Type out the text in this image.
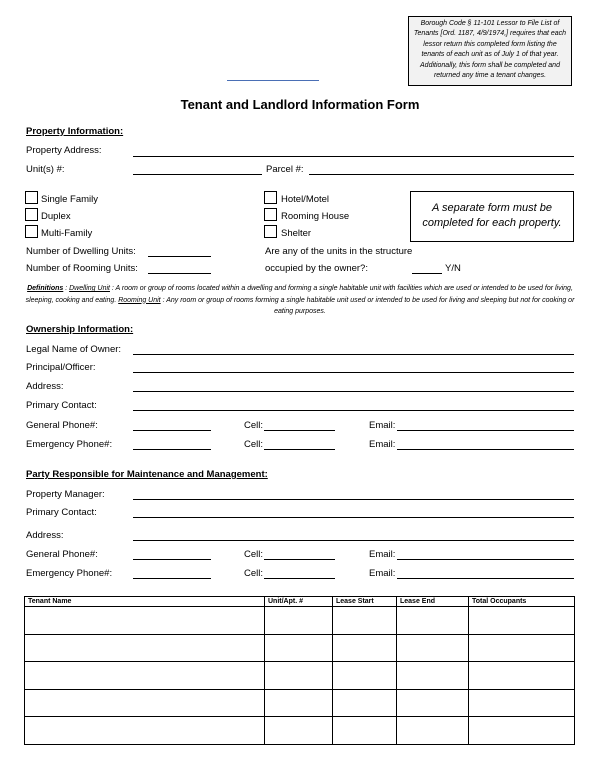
Borough Code § 11-101 Lessor to File List of Tenants [Ord. 1187, 4/9/1974,] requires that each lessor return this completed form listing the tenants of each unit as of July 1 of that year. Additionally, this form shall be completed and returned any time a tenant changes.
Tenant and Landlord Information Form
Property Information:
Property Address:
Unit(s) #:	Parcel #:
Single Family
Duplex
Multi-Family
Hotel/Motel
Rooming House
Shelter
A separate form must be completed for each property.
Number of Dwelling Units:	Are any of the units in the structure
Number of Rooming Units:	occupied by the owner?:	Y/N
Definitions : Dwelling Unit : A room or group of rooms located within a dwelling and forming a single habitable unit with facilities which are used or intended to be used for living, sleeping, cooking and eating. Rooming Unit : Any room or group of rooms forming a single habitable unit used or intended to be used for living and sleeping but not for cooking or eating purposes.
Ownership Information:
Legal Name of Owner:
Principal/Officer:
Address:
Primary Contact:
General Phone#:	Cell:	Email:
Emergency Phone#:	Cell:	Email:
Party Responsible for Maintenance and Management:
Property Manager:
Primary Contact:
Address:
General Phone#:	Cell:	Email:
Emergency Phone#:	Cell:	Email:
Tenant Name	Unit/Apt. #	Lease Start	Lease End	Total Occupants
